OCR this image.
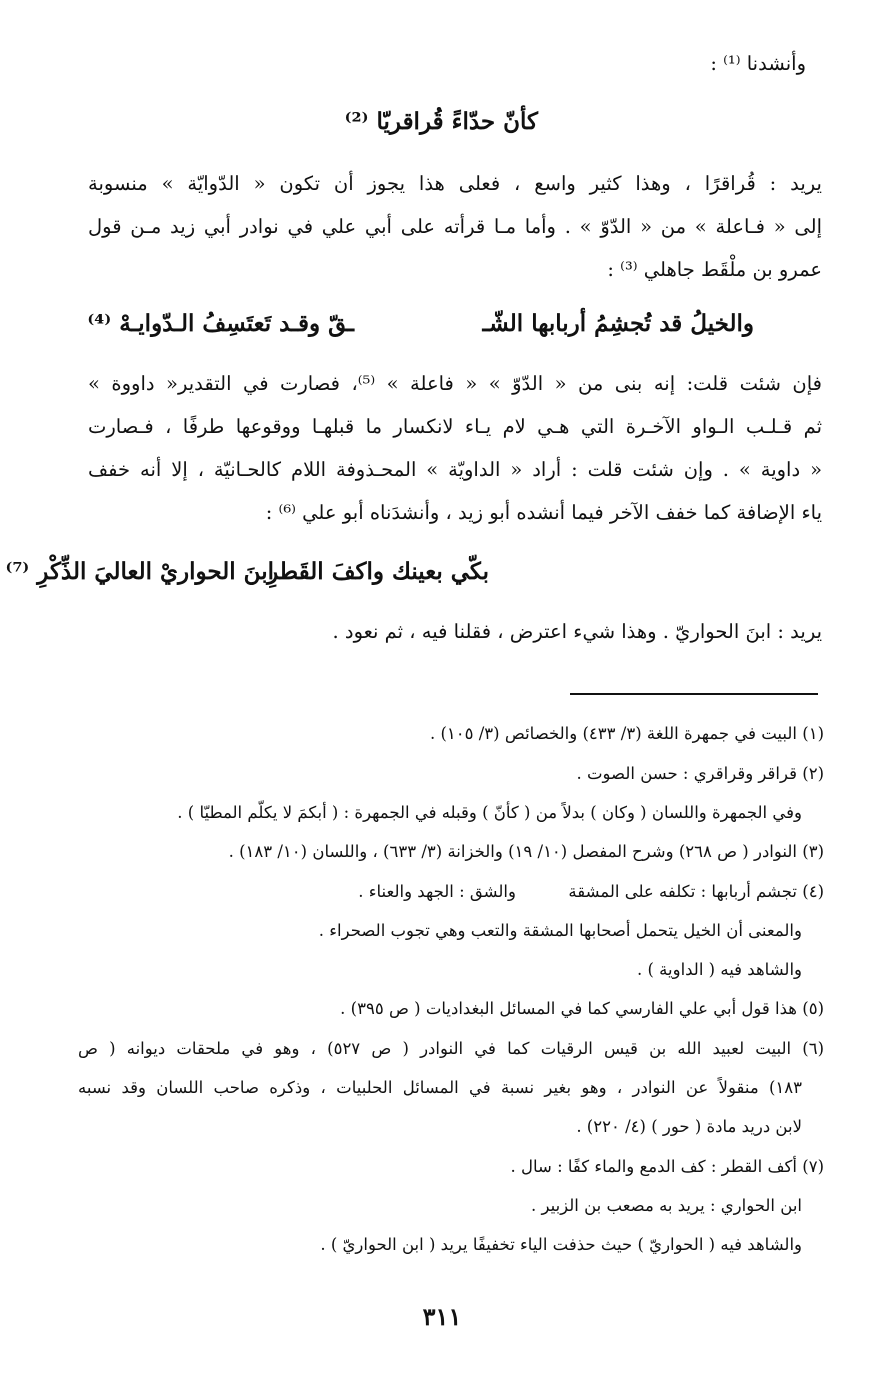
وأنشدنا ⁽¹⁾ :
كأنّ حدّاءً قُراقريّا ⁽²⁾
يريد : قُراقرًا ، وهذا كثير واسع ، فعلى هذا يجوز أن تكون « الدّوايّة » منسوبة
إلى « فـاعلة » من « الدّوّ » . وأما مـا قرأته على أبي علي في نوادر أبي زيد مـن قول
عمرو بن ملْقَط جاهلي ⁽³⁾ :
والخيلُ قد تُجشِمُ أربابها الشّـ
ـقّ وقـد تَعتَسِفُ الـدّوايـهْ ⁽⁴⁾
فإن شئت قلت: إنه بنى من « الدّوّ » « فاعلة » ⁽⁵⁾، فصارت في التقدير« داووة »
ثم قـلـب الـواو الآخـرة التي هـي لام يـاء لانكسار ما قبلهـا ووقوعها طرفًا ، فـصارت
« داوية » . وإن شئت قلت : أراد « الداويّة » المحـذوفة اللام كالحـانيّة ، إلا أنه خفف
ياء الإضافة كما خفف الآخر فيما أنشده أبو زيد ، وأنشدَناه أبو علي ⁽⁶⁾ :
بكّي بعينك واكفَ القَطرِ
ابنَ الحواريْ العاليَ الذِّكْرِ ⁽⁷⁾
يريد : ابنَ الحواريّ . وهذا شيء اعترض ، فقلنا فيه ، ثم نعود .
(١) البيت في جمهرة اللغة (٣/ ٤٣٣) والخصائص (٣/ ١٠٥) .
(٢) قراقر وقراقري : حسن الصوت .
وفي الجمهرة واللسان ( وكان ) بدلاً من ( كأنّ ) وقبله في الجمهرة : ( أبكمَ لا يكلّم المطيّا ) .
(٣) النوادر ( ص ٢٦٨) وشرح المفصل (١٠/ ١٩) والخزانة (٣/ ٦٣٣) ، واللسان (١٠/ ١٨٣) .
(٤) تجشم أربابها : تكلفه على المشقة          والشق : الجهد والعناء .
والمعنى أن الخيل يتحمل أصحابها المشقة والتعب وهي تجوب الصحراء .
والشاهد فيه ( الداوية ) .
(٥) هذا قول أبي علي الفارسي كما في المسائل البغداديات ( ص ٣٩٥) .
(٦) البيت لعبيد الله بن قيس الرقيات كما في النوادر ( ص ٥٢٧) ، وهو في ملحقات ديوانه ( ص
١٨٣) منقولاً عن النوادر ، وهو بغير نسبة في المسائل الحلبيات ، وذكره صاحب اللسان وقد نسبه
لابن دريد مادة ( حور ) (٤/ ٢٢٠) .
(٧) أكف القطر : كف الدمع والماء كفًا : سال .
ابن الحواري : يريد به مصعب بن الزبير .
والشاهد فيه ( الحواريّ ) حيث حذفت الياء تخفيفًا يريد ( ابن الحواريّ ) .
٣١١
